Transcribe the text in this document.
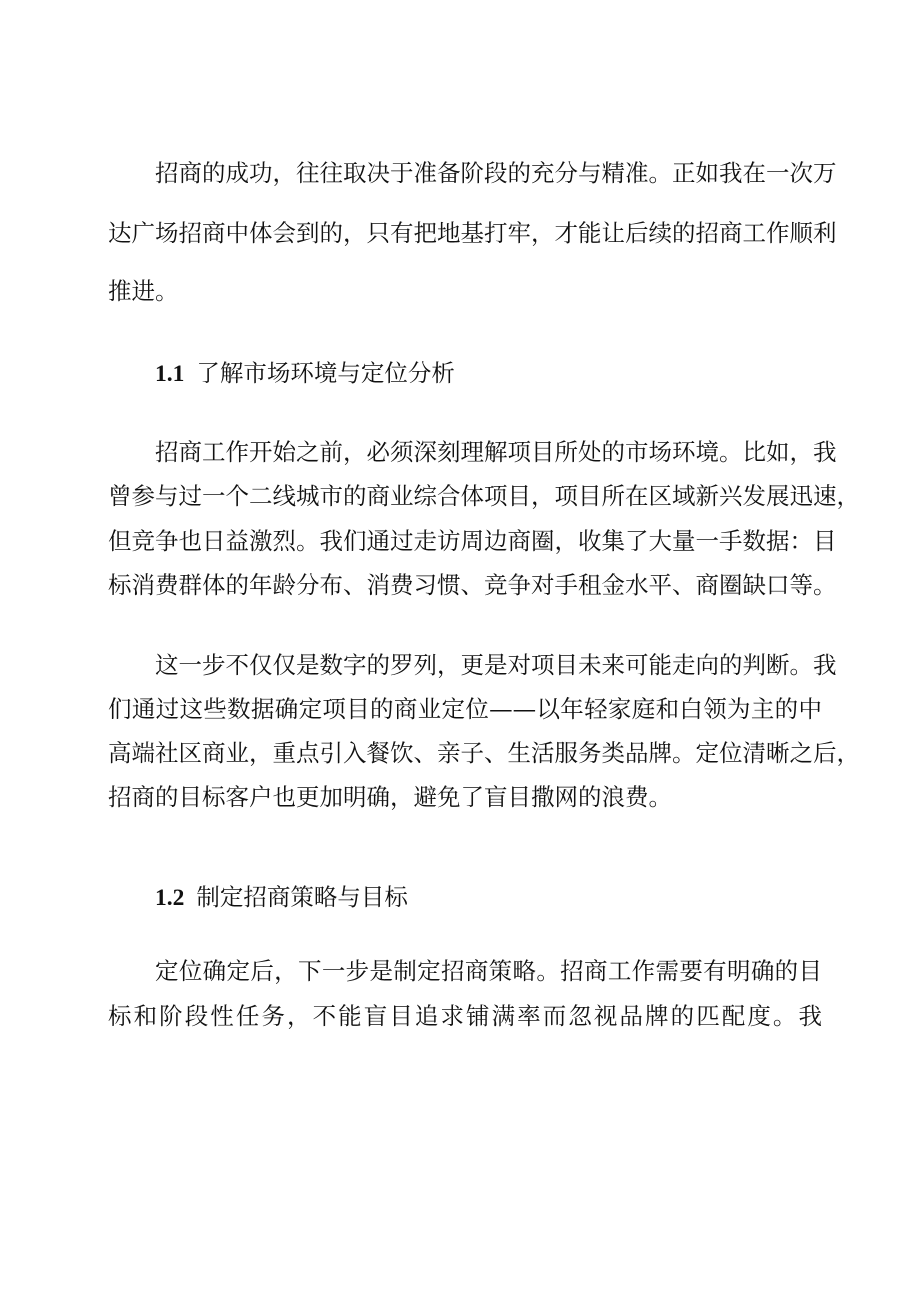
招商的成功，往往取决于准备阶段的充分与精准。正如我在一次万
达广场招商中体会到的，只有把地基打牢，才能让后续的招商工作顺利
推进。
1.1 了解市场环境与定位分析
招商工作开始之前，必须深刻理解项目所处的市场环境。比如，我
曾参与过一个二线城市的商业综合体项目，项目所在区域新兴发展迅速，
但竞争也日益激烈。我们通过走访周边商圈，收集了大量一手数据：目
标消费群体的年龄分布、消费习惯、竞争对手租金水平、商圈缺口等。
这一步不仅仅是数字的罗列，更是对项目未来可能走向的判断。我
们通过这些数据确定项目的商业定位——以年轻家庭和白领为主的中
高端社区商业，重点引入餐饮、亲子、生活服务类品牌。定位清晰之后，
招商的目标客户也更加明确，避免了盲目撒网的浪费。
1.2 制定招商策略与目标
定位确定后，下一步是制定招商策略。招商工作需要有明确的目
标和阶段性任务，不能盲目追求铺满率而忽视品牌的匹配度。我
